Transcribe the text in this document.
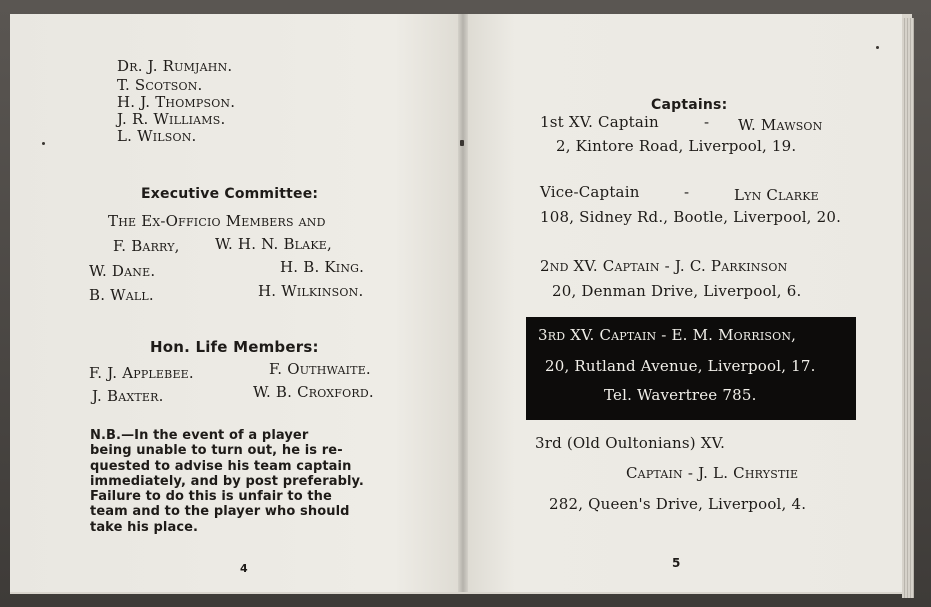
Dr. J. Rumjahn.
T. Scotson.
H. J. Thompson.
J. R. Williams.
L. Wilson.
Executive Committee:
The Ex-Officio Members and
F. Barry, W. H. N. Blake,
W. Dane.	H. B. King.
B. Wall.	H. Wilkinson.
Hon. Life Members:
F. J. Applebee.	F. Outhwaite.
J. Baxter.	W. B. Croxford.
N.B.—In the event of a player
being unable to turn out, he is re-
quested to advise his team captain
immediately, and by post preferably.
Failure to do this is unfair to the
team and to the player who should
take his place.
4
Captains:
1st XV. Captain	- W. Mawson
2, Kintore Road, Liverpool, 19.
Vice-Captain	-	Lyn Clarke
108, Sidney Rd., Bootle, Liverpool, 20.
2nd XV. Captain - J. C. Parkinson
20, Denman Drive, Liverpool, 6.
3rd XV. Captain - E. M. Morrison,
20, Rutland Avenue, Liverpool, 17.
Tel. Wavertree 785.
3rd (Old Oultonians) XV.
Captain - J. L. Chrystie
282, Queen's Drive, Liverpool, 4.
5
